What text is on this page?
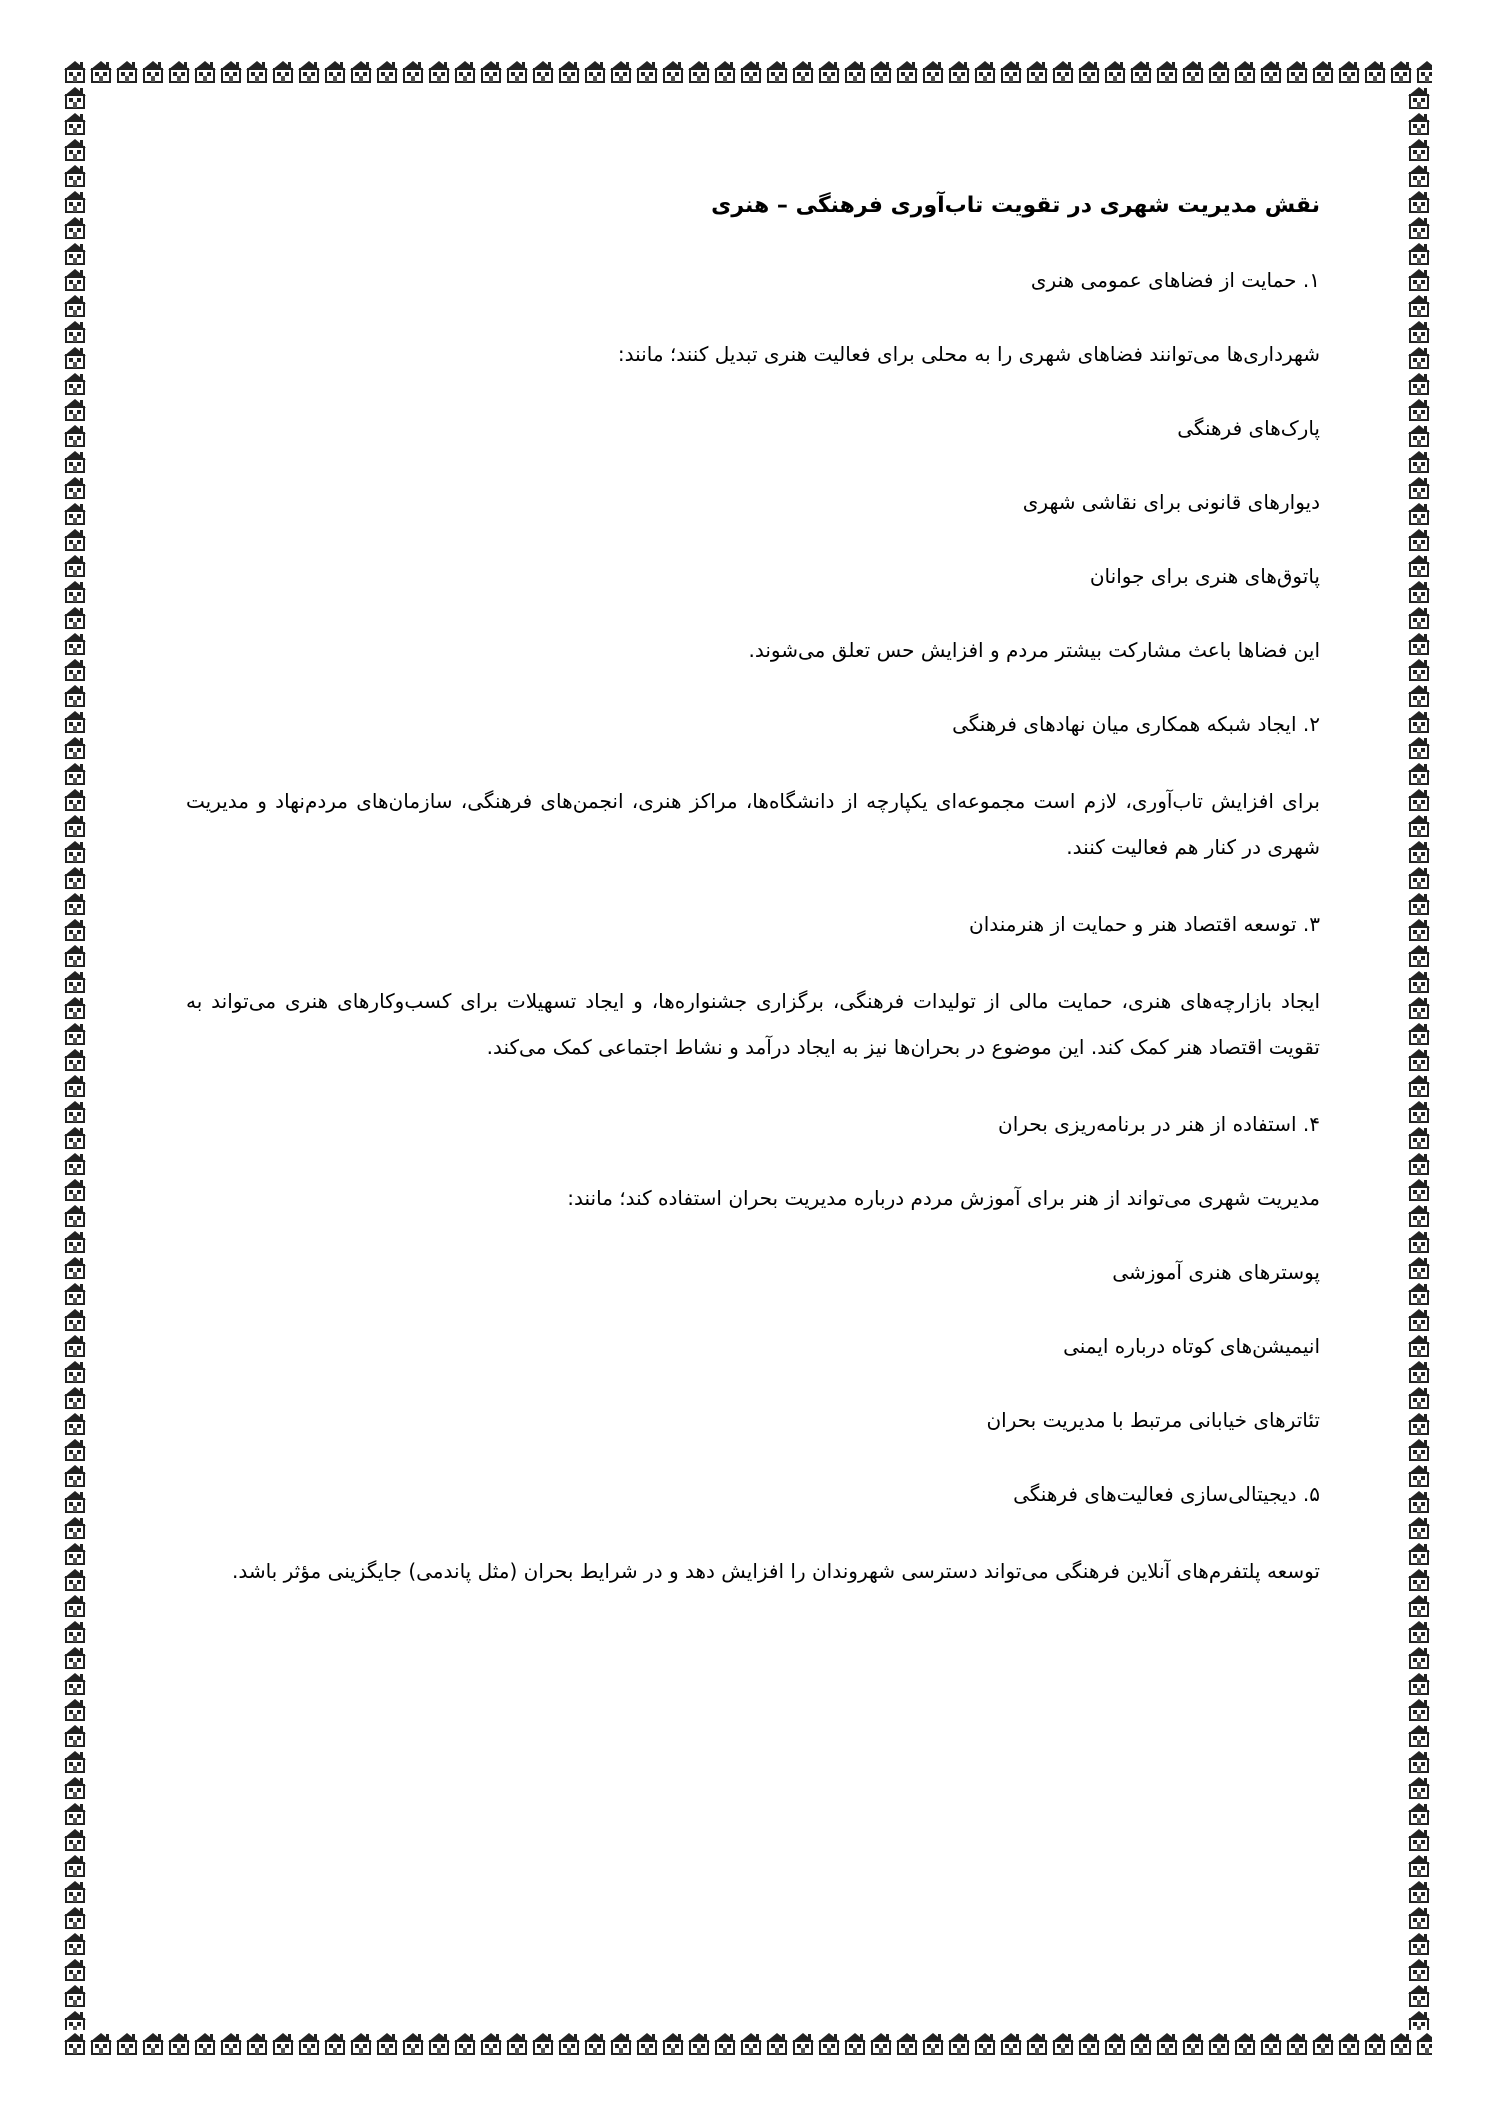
نقش مدیریت شهری در تقویت تاب‌آوری فرهنگی – هنری
۱. حمایت از فضاهای عمومی هنری
شهرداری‌ها می‌توانند فضاهای شهری را به محلی برای فعالیت هنری تبدیل کنند؛ مانند:
پارک‌های فرهنگی
دیوارهای قانونی برای نقاشی شهری
پاتوق‌های هنری برای جوانان
این فضاها باعث مشارکت بیشتر مردم و افزایش حس تعلق می‌شوند.
۲. ایجاد شبکه همکاری میان نهادهای فرهنگی
برای افزایش تاب‌آوری، لازم است مجموعه‌ای یکپارچه از دانشگاه‌ها، مراکز هنری، انجمن‌های فرهنگی، سازمان‌های مردم‌نهاد و مدیریت شهری در کنار هم فعالیت کنند.
۳. توسعه اقتصاد هنر و حمایت از هنرمندان
ایجاد بازارچه‌های هنری، حمایت مالی از تولیدات فرهنگی، برگزاری جشنواره‌ها، و ایجاد تسهیلات برای کسب‌وکارهای هنری می‌تواند به تقویت اقتصاد هنر کمک کند. این موضوع در بحران‌ها نیز به ایجاد درآمد و نشاط اجتماعی کمک می‌کند.
۴. استفاده از هنر در برنامه‌ریزی بحران
مدیریت شهری می‌تواند از هنر برای آموزش مردم درباره مدیریت بحران استفاده کند؛ مانند:
پوسترهای هنری آموزشی
انیمیشن‌های کوتاه درباره ایمنی
تئاترهای خیابانی مرتبط با مدیریت بحران
۵. دیجیتالی‌سازی فعالیت‌های فرهنگی
توسعه پلتفرم‌های آنلاین فرهنگی می‌تواند دسترسی شهروندان را افزایش دهد و در شرایط بحران (مثل پاندمی) جایگزینی مؤثر باشد.
